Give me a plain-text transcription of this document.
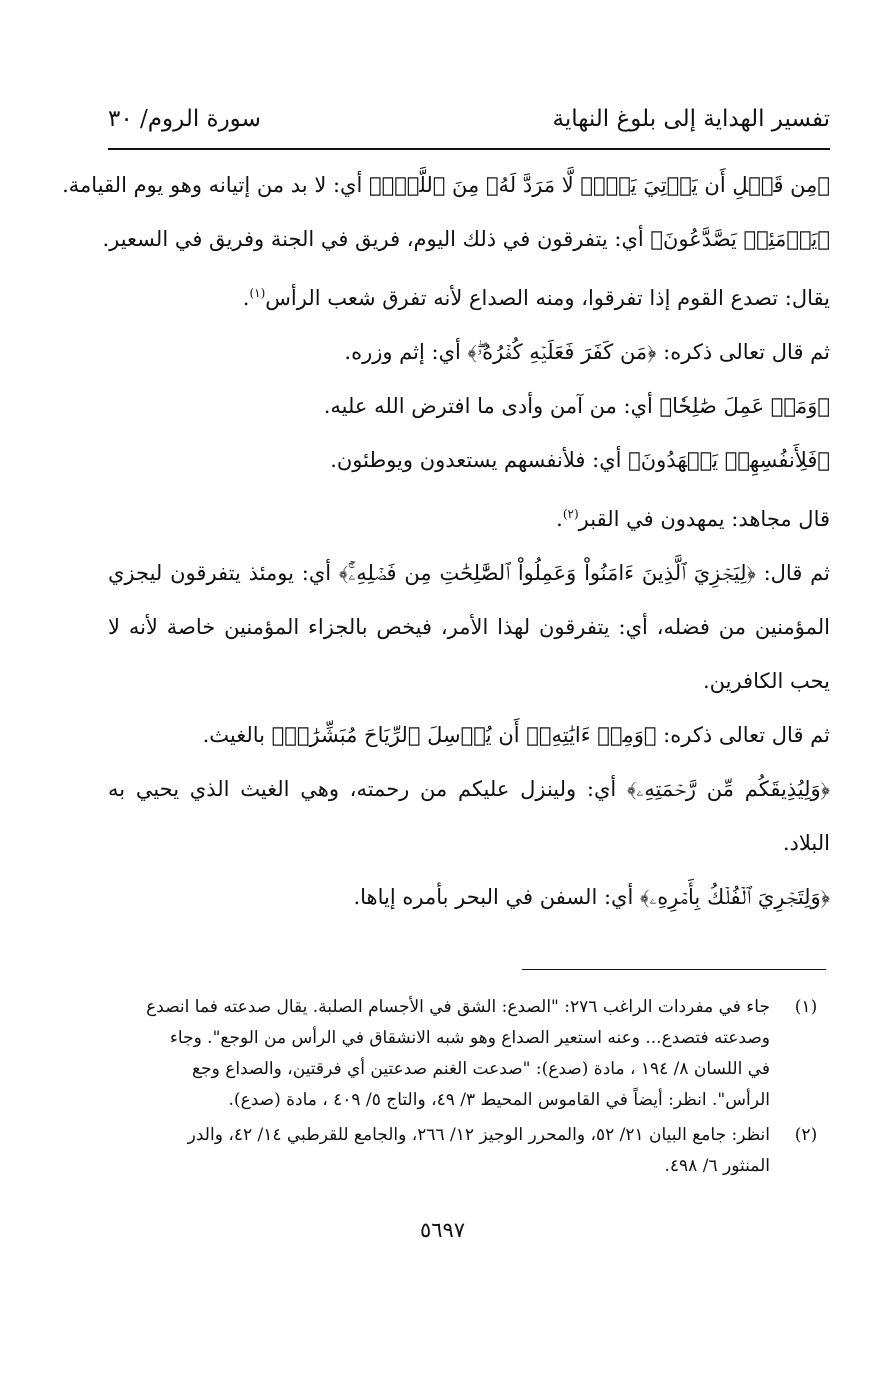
تفسير الهداية إلى بلوغ النهاية
سورة الروم/ ٣٠
﴿مِن قَبۡلِ أَن يَأۡتِيَ يَوۡمٞ لَّا مَرَدَّ لَهُۥ مِنَ ٱللَّهِۖ﴾ أي: لا بد من إتيانه وهو يوم القيامة.
﴿يَوۡمَئِذٖ يَصَّدَّعُونَ﴾ أي: يتفرقون في ذلك اليوم، فريق في الجنة وفريق في السعير.
يقال: تصدع القوم إذا تفرقوا، ومنه الصداع لأنه تفرق شعب الرأس$^{(١)}$.
ثم قال تعالى ذكره: ﴿مَن كَفَرَ فَعَلَيۡهِ كُفۡرُهُۥۖ﴾ أي: إثم وزره.
﴿وَمَنۡ عَمِلَ صَٰلِحٗا﴾ أي: من آمن وأدى ما افترض الله عليه.
﴿فَلِأَنفُسِهِمۡ يَمۡهَدُونَ﴾ أي: فلأنفسهم يستعدون ويوطئون.
قال مجاهد: يمهدون في القبر$^{(٢)}$.
ثم قال: ﴿لِيَجۡزِيَ ٱلَّذِينَ ءَامَنُواْ وَعَمِلُواْ ٱلصَّٰلِحَٰتِ مِن فَضۡلِهِۦٓۚ﴾ أي: يومئذ يتفرقون ليجزي
المؤمنين من فضله، أي: يتفرقون لهذا الأمر، فيخص بالجزاء المؤمنين خاصة لأنه لا
يحب الكافرين.
ثم قال تعالى ذكره: ﴿وَمِنۡ ءَايَٰتِهِۦٓ أَن يُرۡسِلَ ٱلرِّيَاحَ مُبَشِّرَٰتٖ﴾ بالغيث.
﴿وَلِيُذِيقَكُم مِّن رَّحۡمَتِهِۦ﴾ أي: ولينزل عليكم من رحمته، وهي الغيث الذي يحيي به
البلاد.
﴿وَلِتَجۡرِيَ ٱلۡفُلۡكُ بِأَمۡرِهِۦ﴾ أي: السفن في البحر بأمره إياها.
(١)
جاء في مفردات الراغب ٢٧٦: "الصدع: الشق في الأجسام الصلبة. يقال صدعته فما انصدع
وصدعته فتصدع... وعنه استعير الصداع وهو شبه الانشقاق في الرأس من الوجع". وجاء
في اللسان ٨/ ١٩٤ ، مادة (صدع): "صدعت الغنم صدعتين أي فرقتين، والصداع وجع
الرأس". انظر: أيضاً في القاموس المحيط ٣/ ٤٩، والتاج ٥/ ٤٠٩ ، مادة (صدع).
(٢)
انظر: جامع البيان ٢١/ ٥٢، والمحرر الوجيز ١٢/ ٢٦٦، والجامع للقرطبي ١٤/ ٤٢، والدر
المنثور ٦/ ٤٩٨.
٥٦٩٧
